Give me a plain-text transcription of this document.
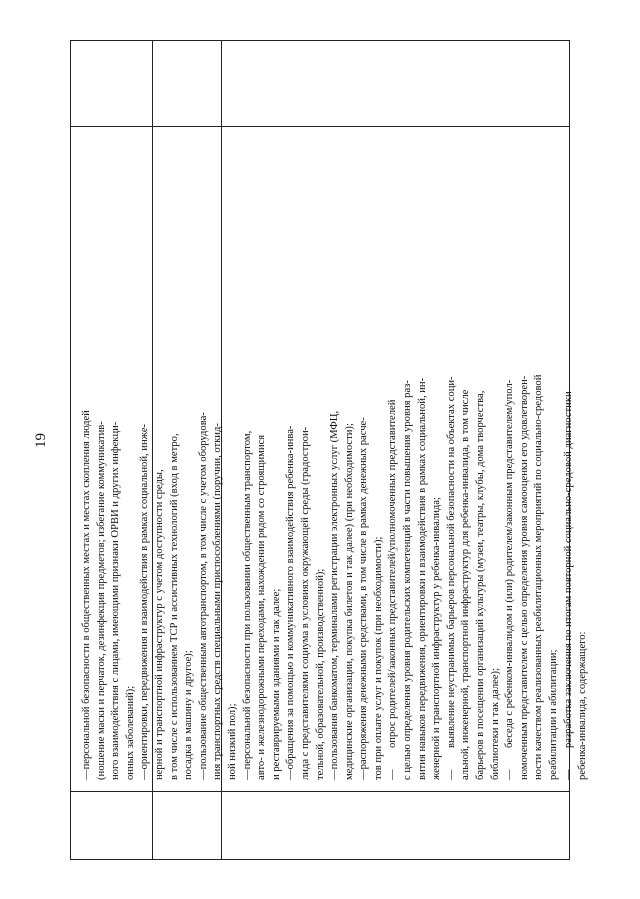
19

—персональной безопасности в общественных местах и местах скопления людей (ношение маски и перчаток, дезинфекция предметов; избегание коммуникатив- ного взаимодействия с лицами, имеющими признаки ОРВИ и других инфекци- онных заболеваний); —ориентировки, передвижения и взаимодействия в рамках социальной, инже- нерной и транспортной инфраструктур с учетом доступности среды, в том числе с использованием ТСР и ассистивных технологий (вход в метро, посадка в машину и другое); —пользование общественным автотранспортом, в том числе с учетом оборудова- ния транспортных средств специальными приспособлениями (поручни, откид- ной низкий пол); —персональной безопасности при пользовании общественным транспортом, авто- и железнодорожными переходами, нахождении рядом со строящимися и реставрируемыми зданиями и так далее; —обращения за помощью и коммуникативного взаимодействия ребенка-инва- лида с представителями социума в условиях окружающей среды (градострои- тельной, образовательной, производственной); —пользования банкоматом, терминалами регистрации электронных услуг (МФЦ, медицинские организации, покупка билетов и так далее) (при необходимости); —распоряжения денежными средствами, в том числе в рамках денежных расче- тов при оплате услуг и покупок (при необходимости); —опрос родителей/законных представителей/уполномоченных представителей с целью определения уровня родительских компетенций в части повышения уровня раз- вития навыков передвижения, ориентировки и взаимодействия в рамках социальной, ин- женерной и транспортной инфраструктур у ребенка-инвалида; —выявление неустранимых барьеров персональной безопасности на объектах соци- альной, инженерной, транспортной инфраструктур для ребенка-инвалида, в том числе барьеров в посещении организаций культуры (музеи, театры, клубы, дома творчества, библиотеки и так далее); —беседа с ребенком-инвалидом и (или) родителем/законным представителем/упол- номоченным представителем с целью определения уровня самооценки его удовлетворен- ности качеством реализованных реабилитационных мероприятий по социально-средовой реабилитации и абилитации; —разработка заключения по итогам повторной социально-средовой диагностики ребенка-инвалида, содержащего:
